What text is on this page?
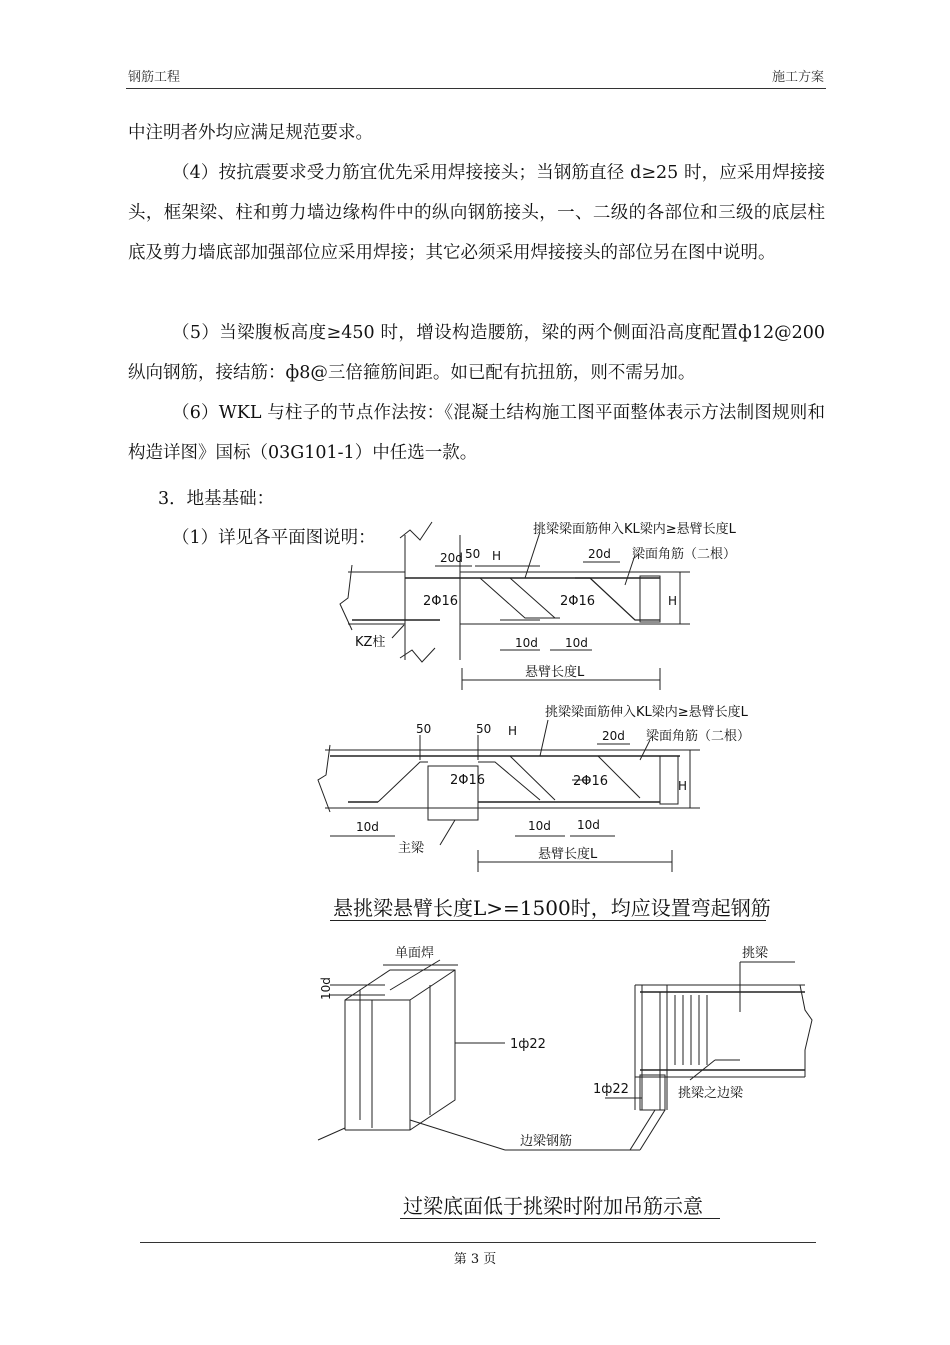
钢筋工程	施工方案

中注明者外均应满足规范要求。

（4）按抗震要求受力筋宜优先采用焊接接头；当钢筋直径 d≥25 时，应采用焊接接头，框架梁、柱和剪力墙边缘构件中的纵向钢筋接头，一、二级的各部位和三级的底层柱底及剪力墙底部加强部位应采用焊接；其它必须采用焊接接头的部位另在图中说明。

（5）当梁腹板高度≥450 时，增设构造腰筋，梁的两个侧面沿高度配置ф12@200 纵向钢筋，接结筋：ф8@三倍箍筋间距。如已配有抗扭筋，则不需另加。

（6）WKL 与柱子的节点作法按：《混凝土结构施工图平面整体表示方法制图规则和构造详图》国标（03G101-1）中任选一款。

3．地基基础：
（1）详见各平面图说明：	挑梁梁面筋伸入KL梁内≥悬臂长度L
20d 50 H	20d 梁面角筋（二根）
2Φ16	2Φ16	H
10d 10d
KZ柱
悬臂长度L
挑梁梁面筋伸入KL梁内≥悬臂长度L
50	50 H	20d 梁面角筋（二根）
2Φ16	2Φ16	H
10d	10d 10d
主梁	悬臂长度L
单面焊
10d
1ф22
边梁钢筋
挑梁
1ф22	挑梁之边梁
悬挑梁悬臂长度L>=1500时，均应设置弯起钢筋
过梁底面低于挑梁时附加吊筋示意
第 3 页
